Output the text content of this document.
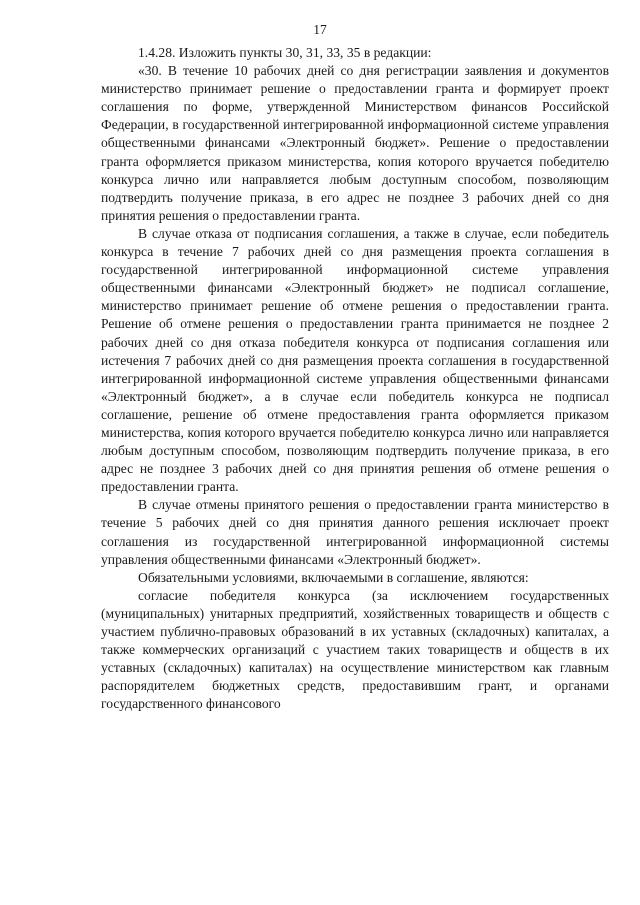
17

1.4.28. Изложить пункты 30, 31, 33, 35 в редакции:

«30. В течение 10 рабочих дней со дня регистрации заявления и документов министерство принимает решение о предоставлении гранта и формирует проект соглашения по форме, утвержденной Министерством финансов Российской Федерации, в государственной интегрированной информационной системе управления общественными финансами «Электронный бюджет». Решение о предоставлении гранта оформляется приказом министерства, копия которого вручается победителю конкурса лично или направляется любым доступным способом, позволяющим подтвердить получение приказа, в его адрес не позднее 3 рабочих дней со дня принятия решения о предоставлении гранта.

В случае отказа от подписания соглашения, а также в случае, если победитель конкурса в течение 7 рабочих дней со дня размещения проекта соглашения в государственной интегрированной информационной системе управления общественными финансами «Электронный бюджет» не подписал соглашение, министерство принимает решение об отмене решения о предоставлении гранта. Решение об отмене решения о предоставлении гранта принимается не позднее 2 рабочих дней со дня отказа победителя конкурса от подписания соглашения или истечения 7 рабочих дней со дня размещения проекта соглашения в государственной интегрированной информационной системе управления общественными финансами «Электронный бюджет», а в случае если победитель конкурса не подписал соглашение, решение об отмене предоставления гранта оформляется приказом министерства, копия которого вручается победителю конкурса лично или направляется любым доступным способом, позволяющим подтвердить получение приказа, в его адрес не позднее 3 рабочих дней со дня принятия решения об отмене решения о предоставлении гранта.

В случае отмены принятого решения о предоставлении гранта министерство в течение 5 рабочих дней со дня принятия данного решения исключает проект соглашения из государственной интегрированной информационной системы управления общественными финансами «Электронный бюджет».

Обязательными условиями, включаемыми в соглашение, являются:

согласие победителя конкурса (за исключением государственных (муниципальных) унитарных предприятий, хозяйственных товариществ и обществ с участием публично-правовых образований в их уставных (складочных) капиталах, а также коммерческих организаций с участием таких товариществ и обществ в их уставных (складочных) капиталах) на осуществление министерством как главным распорядителем бюджетных средств, предоставившим грант, и органами государственного финансового
